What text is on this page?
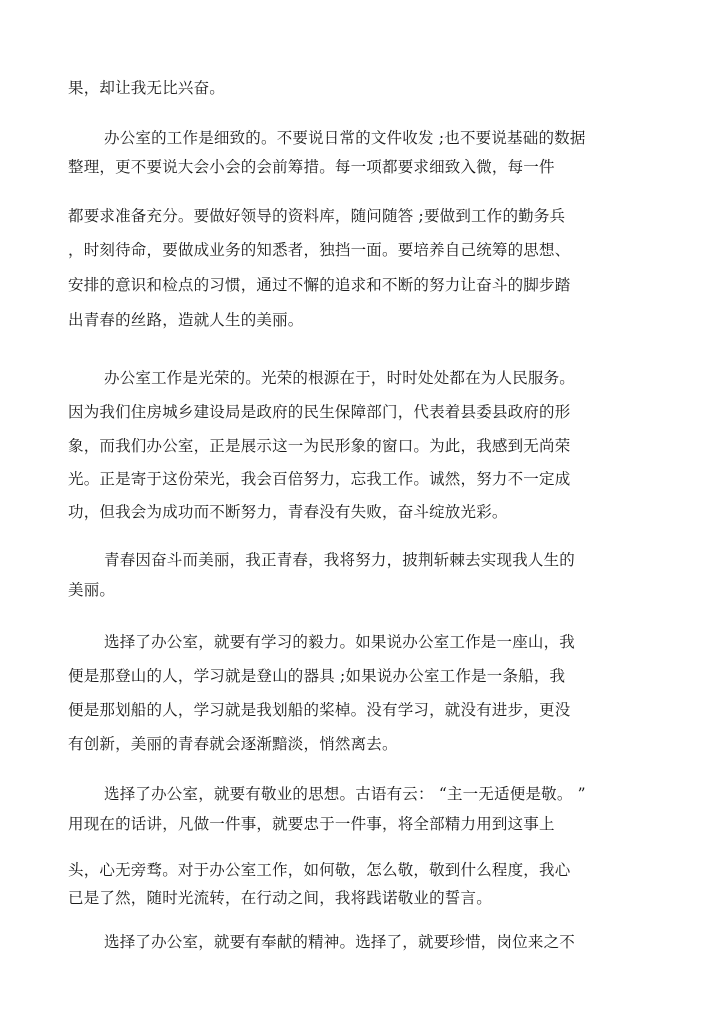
果，却让我无比兴奋。
办公室的工作是细致的。不要说日常的文件收发 ;也不要说基础的数据
整理，更不要说大会小会的会前筹措。每一项都要求细致入微，每一件
都要求准备充分。要做好领导的资料库，随问随答 ;要做到工作的勤务兵
，时刻待命，要做成业务的知悉者，独挡一面。要培养自己统筹的思想、
安排的意识和检点的习惯，通过不懈的追求和不断的努力让奋斗的脚步踏
出青春的丝路，造就人生的美丽。
办公室工作是光荣的。光荣的根源在于，时时处处都在为人民服务。
因为我们住房城乡建设局是政府的民生保障部门，代表着县委县政府的形
象，而我们办公室，正是展示这一为民形象的窗口。为此，我感到无尚荣
光。正是寄于这份荣光，我会百倍努力，忘我工作。诚然，努力不一定成
功，但我会为成功而不断努力，青春没有失败，奋斗绽放光彩。
青春因奋斗而美丽，我正青春，我将努力，披荆斩棘去实现我人生的
美丽。
选择了办公室，就要有学习的毅力。如果说办公室工作是一座山，我
便是那登山的人，学习就是登山的器具 ;如果说办公室工作是一条船，我
便是那划船的人，学习就是我划船的桨棹。没有学习，就没有进步，更没
有创新，美丽的青春就会逐渐黯淡，悄然离去。
选择了办公室，就要有敬业的思想。古语有云： “主一无适便是敬。 ”
用现在的话讲，凡做一件事，就要忠于一件事，将全部精力用到这事上
头，心无旁骛。对于办公室工作，如何敬，怎么敬，敬到什么程度，我心
已是了然，随时光流转，在行动之间，我将践诺敬业的誓言。
选择了办公室，就要有奉献的精神。选择了，就要珍惜，岗位来之不
